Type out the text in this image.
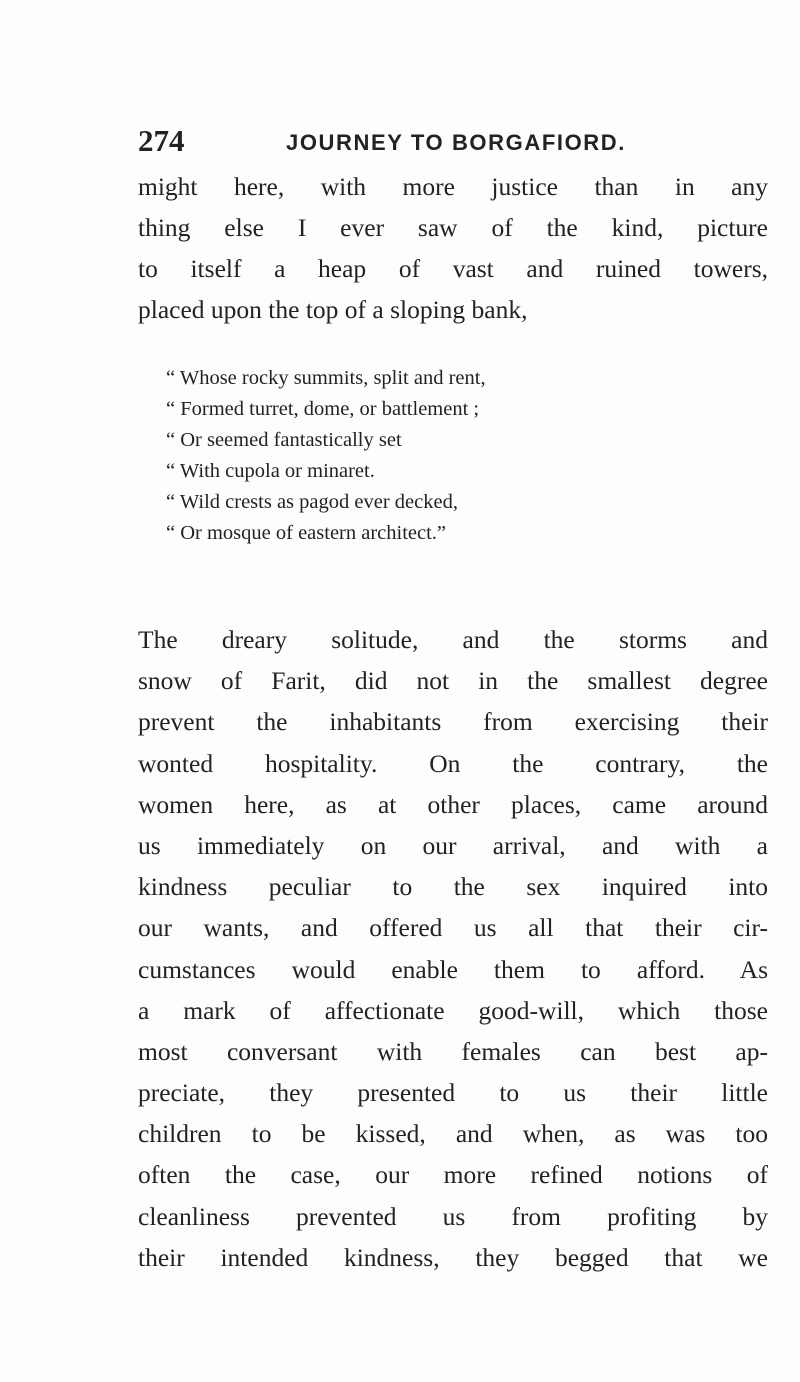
274	JOURNEY TO BORGAFIORD.

might here, with more justice than in any
thing else I ever saw of the kind, picture
to itself a heap of vast and ruined towers,
placed upon the top of a sloping bank,

“ Whose rocky summits, split and rent,
“ Formed turret, dome, or battlement ;
“ Or seemed fantastically set
“ With cupola or minaret.
“ Wild crests as pagod ever decked,
“ Or mosque of eastern architect.”

The dreary solitude, and the storms and
snow of Farit, did not in the smallest degree
prevent the inhabitants from exercising their
wonted hospitality. On the contrary, the
women here, as at other places, came around
us immediately on our arrival, and with a
kindness peculiar to the sex inquired into
our wants, and offered us all that their cir-
cumstances would enable them to afford. As
a mark of affectionate good-will, which those
most conversant with females can best ap-
preciate, they presented to us their little
children to be kissed, and when, as was too
often the case, our more refined notions of
cleanliness prevented us from profiting by
their intended kindness, they begged that we
